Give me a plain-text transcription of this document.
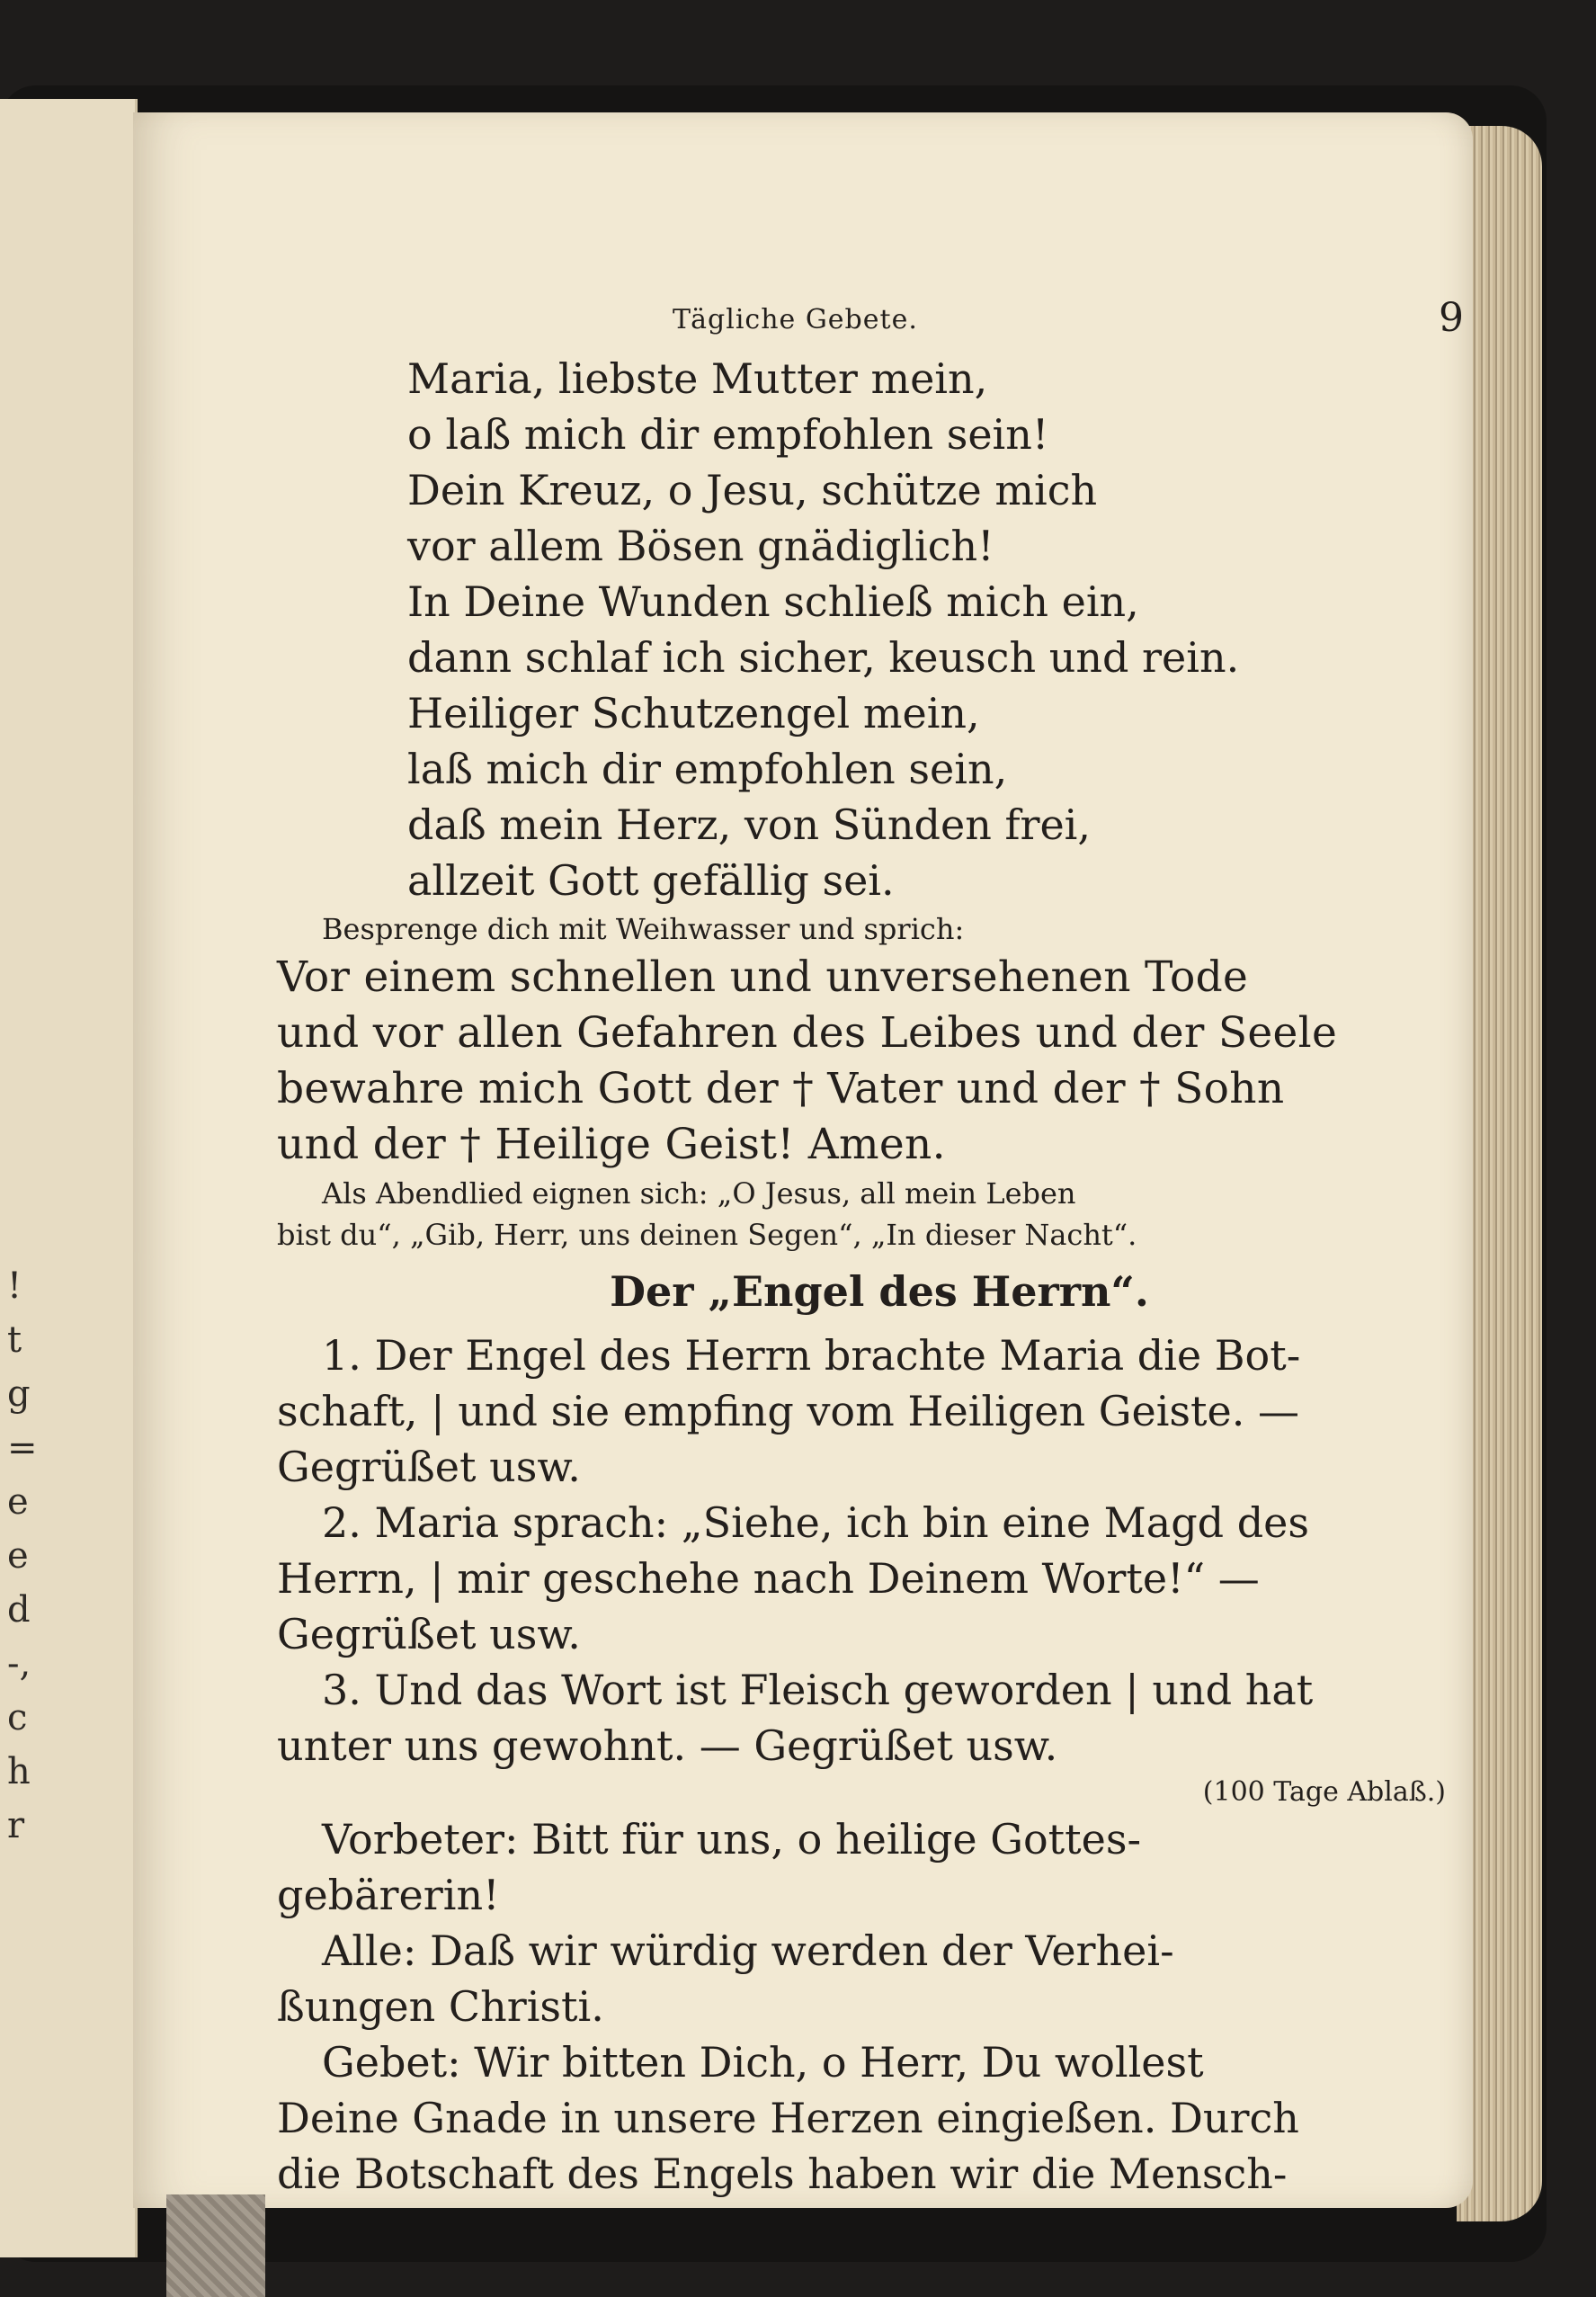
!
t
g
=
e
e
d
-,
c
h
r
Tägliche Gebete.	9
Maria, liebste Mutter mein,
o laß mich dir empfohlen sein!
Dein Kreuz, o Jesu, schütze mich
vor allem Bösen gnädiglich!
In Deine Wunden schließ mich ein,
dann schlaf ich sicher, keusch und rein.
Heiliger Schutzengel mein,
laß mich dir empfohlen sein,
daß mein Herz, von Sünden frei,
allzeit Gott gefällig sei.
Besprenge dich mit Weihwasser und sprich:
Vor einem schnellen und unversehenen Tode
und vor allen Gefahren des Leibes und der Seele
bewahre mich Gott der † Vater und der † Sohn
und der † Heilige Geist! Amen.
Als Abendlied eignen sich: „O Jesus, all mein Leben
bist du“, „Gib, Herr, uns deinen Segen“, „In dieser Nacht“.
Der „Engel des Herrn“.
1. Der Engel des Herrn brachte Maria die Bot-
schaft, | und sie empfing vom Heiligen Geiste. —
Gegrüßet usw.
2. Maria sprach: „Siehe, ich bin eine Magd des
Herrn, | mir geschehe nach Deinem Worte!“ —
Gegrüßet usw.
3. Und das Wort ist Fleisch geworden | und hat
unter uns gewohnt. — Gegrüßet usw.
(100 Tage Ablaß.)
Vorbeter: Bitt für uns, o heilige Gottes-
gebärerin!
Alle: Daß wir würdig werden der Verhei-
ßungen Christi.
Gebet: Wir bitten Dich, o Herr, Du wollest
Deine Gnade in unsere Herzen eingießen. Durch
die Botschaft des Engels haben wir die Mensch-
